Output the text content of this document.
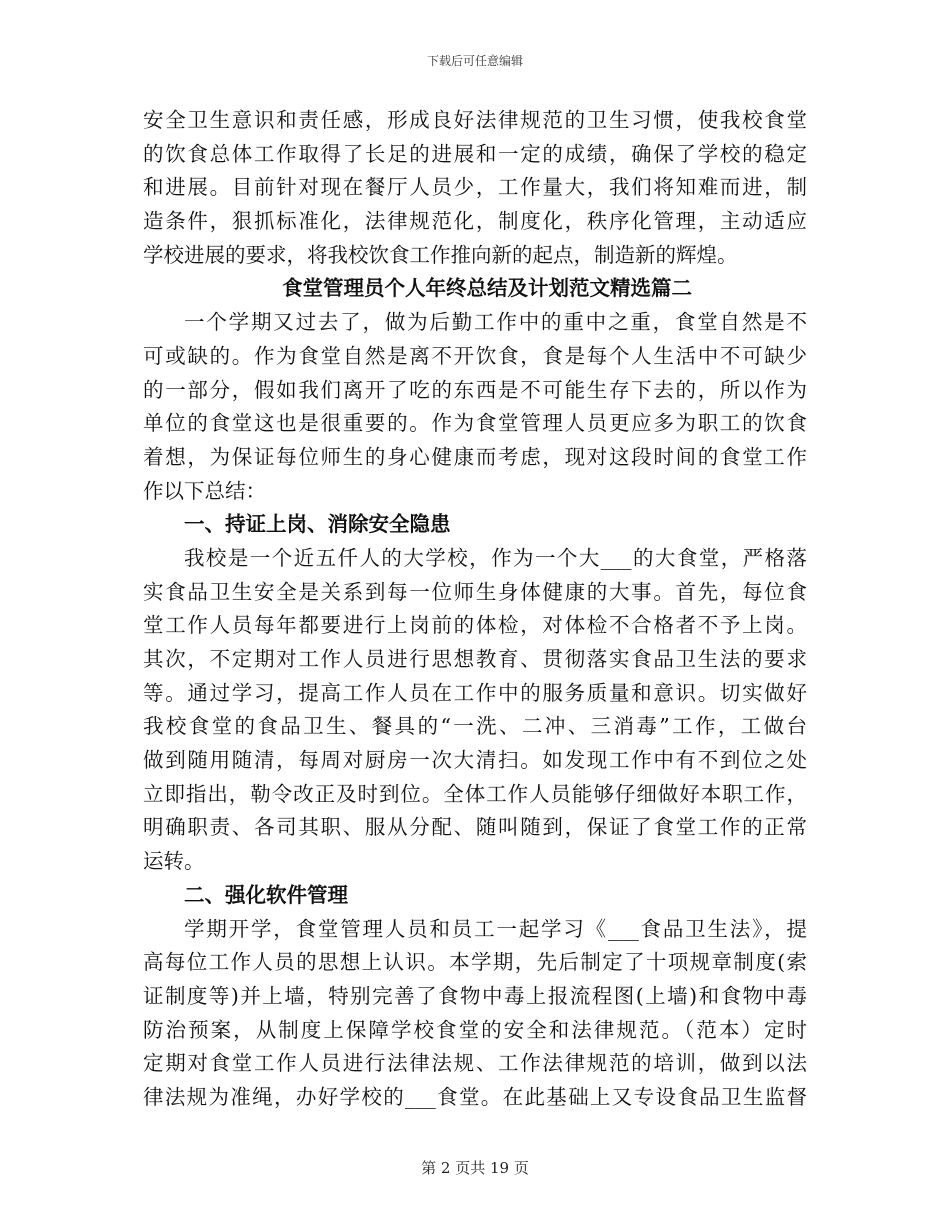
下载后可任意编辑
安全卫生意识和责任感，形成良好法律规范的卫生习惯，使我校食堂
的饮食总体工作取得了长足的进展和一定的成绩，确保了学校的稳定
和进展。目前针对现在餐厅人员少，工作量大，我们将知难而进，制
造条件，狠抓标准化，法律规范化，制度化，秩序化管理，主动适应
学校进展的要求，将我校饮食工作推向新的起点，制造新的辉煌。
食堂管理员个人年终总结及计划范文精选篇二
一个学期又过去了，做为后勤工作中的重中之重，食堂自然是不
可或缺的。作为食堂自然是离不开饮食，食是每个人生活中不可缺少
的一部分，假如我们离开了吃的东西是不可能生存下去的，所以作为
单位的食堂这也是很重要的。作为食堂管理人员更应多为职工的饮食
着想，为保证每位师生的身心健康而考虑，现对这段时间的食堂工作
作以下总结：
一、持证上岗、消除安全隐患
我校是一个近五仟人的大学校，作为一个大___的大食堂，严格落
实食品卫生安全是关系到每一位师生身体健康的大事。首先，每位食
堂工作人员每年都要进行上岗前的体检，对体检不合格者不予上岗。
其次，不定期对工作人员进行思想教育、贯彻落实食品卫生法的要求
等。通过学习，提高工作人员在工作中的服务质量和意识。切实做好
我校食堂的食品卫生、餐具的“一洗、二冲、三消毒”工作，工做台
做到随用随清，每周对厨房一次大清扫。如发现工作中有不到位之处
立即指出，勒令改正及时到位。全体工作人员能够仔细做好本职工作，
明确职责、各司其职、服从分配、随叫随到，保证了食堂工作的正常
运转。
二、强化软件管理
学期开学，食堂管理人员和员工一起学习《___食品卫生法》，提
高每位工作人员的思想上认识。本学期，先后制定了十项规章制度(索
证制度等)并上墙，特别完善了食物中毒上报流程图(上墙)和食物中毒
防治预案，从制度上保障学校食堂的安全和法律规范。（范本）定时
定期对食堂工作人员进行法律法规、工作法律规范的培训，做到以法
律法规为准绳，办好学校的___食堂。在此基础上又专设食品卫生监督
第 2 页共 19 页
